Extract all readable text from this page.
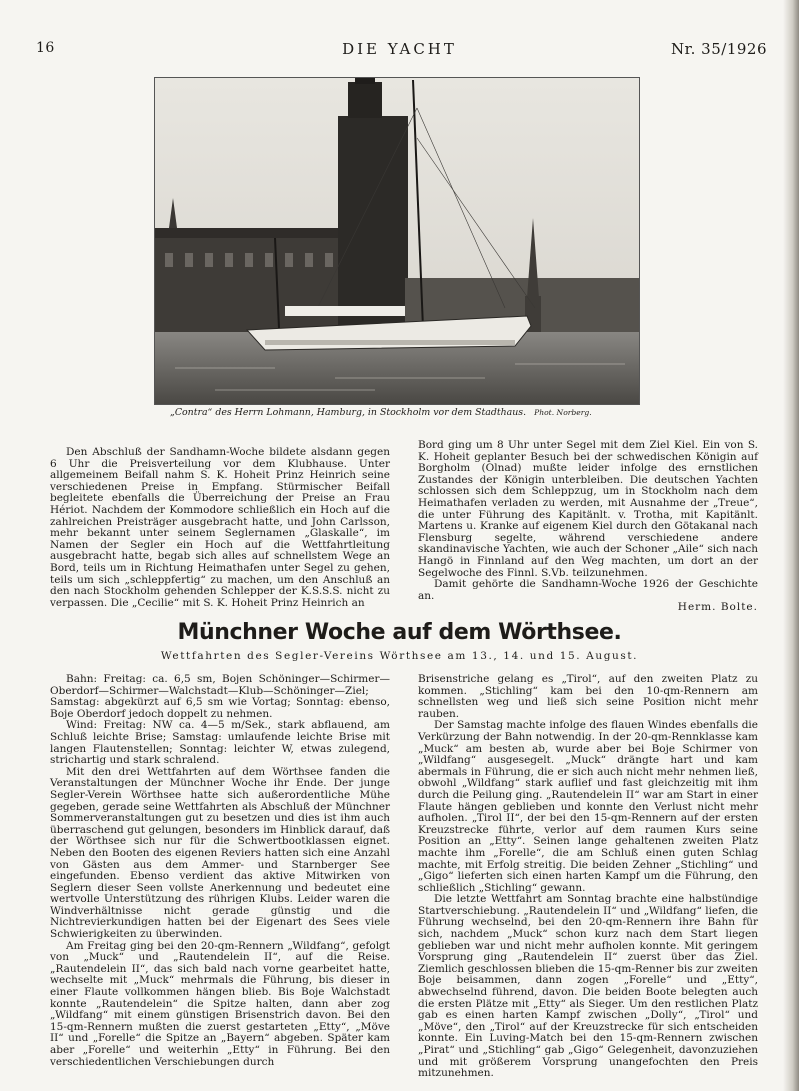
16	DIE YACHT	Nr. 35/1926
„Contra“ des Herrn Lohmann, Hamburg, in Stockholm vor dem Stadthaus. Phot. Norberg.

Den Abschluß der Sandhamn-Woche bildete alsdann gegen 6 Uhr die Preisverteilung vor dem Klubhause. Unter allgemeinem Beifall nahm S. K. Hoheit Prinz Heinrich seine verschiedenen Preise in Empfang. Stürmischer Beifall begleitete ebenfalls die Überreichung der Preise an Frau Hériot. Nachdem der Kommodore schließlich ein Hoch auf die zahlreichen Preisträger ausgebracht hatte, und John Carlsson, mehr bekannt unter seinem Seglernamen „Glaskalle“, im Namen der Segler ein Hoch auf die Wettfahrtleitung ausgebracht hatte, begab sich alles auf schnellstem Wege an Bord, teils um in Richtung Heimathafen unter Segel zu gehen, teils um sich „schleppfertig“ zu machen, um den Anschluß an den nach Stockholm gehenden Schlepper der K.S.S.S. nicht zu verpassen. Die „Cecilie“ mit S. K. Hoheit Prinz Heinrich an

Bord ging um 8 Uhr unter Segel mit dem Ziel Kiel. Ein von S. K. Hoheit geplanter Besuch bei der schwedischen Königin auf Borgholm (Olnad) mußte leider infolge des ernstlichen Zustandes der Königin unterbleiben. Die deutschen Yachten schlossen sich dem Schleppzug, um in Stockholm nach dem Heimathafen verladen zu werden, mit Ausnahme der „Treue“, die unter Führung des Kapitänlt. v. Trotha, mit Kapitänlt. Martens u. Kranke auf eigenem Kiel durch den Götakanal nach Flensburg segelte, während verschiedene andere skandinavische Yachten, wie auch der Schoner „Aile“ sich nach Hangö in Finnland auf den Weg machten, um dort an der Segelwoche des Finnl. S.Vb. teilzunehmen.

Damit gehörte die Sandhamn-Woche 1926 der Geschichte an.

Herm. Bolte.
Münchner Woche auf dem Wörthsee.
Wettfahrten des Segler-Vereins Wörthsee am 13., 14. und 15. August.

Bahn: Freitag: ca. 6,5 sm, Bojen Schöninger—Schirmer—Oberdorf—Schirmer—Walchstadt—Klub—Schöninger—Ziel; Samstag: abgekürzt auf 6,5 sm wie Vortag; Sonntag: ebenso, Boje Oberdorf jedoch doppelt zu nehmen.

Wind: Freitag: NW ca. 4—5 m/Sek., stark abflauend, am Schluß leichte Brise; Samstag: umlaufende leichte Brise mit langen Flautenstellen; Sonntag: leichter W, etwas zulegend, strichartig und stark schralend.

Mit den drei Wettfahrten auf dem Wörthsee fanden die Veranstaltungen der Münchner Woche ihr Ende. Der junge Segler-Verein Wörthsee hatte sich außerordentliche Mühe gegeben, gerade seine Wettfahrten als Abschluß der Münchner Sommerveranstaltungen gut zu besetzen und dies ist ihm auch überraschend gut gelungen, besonders im Hinblick darauf, daß der Wörthsee sich nur für die Schwertbootklassen eignet. Neben den Booten des eigenen Reviers hatten sich eine Anzahl von Gästen aus dem Ammer- und Starnberger See eingefunden. Ebenso verdient das aktive Mitwirken von Seglern dieser Seen vollste Anerkennung und bedeutet eine wertvolle Unterstützung des rührigen Klubs. Leider waren die Windverhältnisse nicht gerade günstig und die Nichtrevierkundigen hatten bei der Eigenart des Sees viele Schwierigkeiten zu überwinden.

Am Freitag ging bei den 20-qm-Rennern „Wildfang“, gefolgt von „Muck“ und „Rautendelein II“, auf die Reise. „Rautendelein II“, das sich bald nach vorne gearbeitet hatte, wechselte mit „Muck“ mehrmals die Führung, bis dieser in einer Flaute vollkommen hängen blieb. Bis Boje Walchstadt konnte „Rautendelein“ die Spitze halten, dann aber zog „Wildfang“ mit einem günstigen Brisenstrich davon. Bei den 15-qm-Rennern mußten die zuerst gestarteten „Etty“, „Möve II“ und „Forelle“ die Spitze an „Bayern“ abgeben. Später kam aber „Forelle“ und weiterhin „Etty“ in Führung. Bei den verschiedentlichen Verschiebungen durch

Brisenstriche gelang es „Tirol“, auf den zweiten Platz zu kommen. „Stichling“ kam bei den 10-qm-Rennern am schnellsten weg und ließ sich seine Position nicht mehr rauben.

Der Samstag machte infolge des flauen Windes ebenfalls die Verkürzung der Bahn notwendig. In der 20-qm-Rennklasse kam „Muck“ am besten ab, wurde aber bei Boje Schirmer von „Wildfang“ ausgesegelt. „Muck“ drängte hart und kam abermals in Führung, die er sich auch nicht mehr nehmen ließ, obwohl „Wildfang“ stark auflief und fast gleichzeitig mit ihm durch die Peilung ging. „Rautendelein II“ war am Start in einer Flaute hängen geblieben und konnte den Verlust nicht mehr aufholen. „Tirol II“, der bei den 15-qm-Rennern auf der ersten Kreuzstrecke führte, verlor auf dem raumen Kurs seine Position an „Etty“. Seinen lange gehaltenen zweiten Platz machte ihm „Forelle“, die am Schluß einen guten Schlag machte, mit Erfolg streitig. Die beiden Zehner „Stichling“ und „Gigo“ lieferten sich einen harten Kampf um die Führung, den schließlich „Stichling“ gewann.

Die letzte Wettfahrt am Sonntag brachte eine halbstündige Startverschiebung. „Rautendelein II“ und „Wildfang“ liefen, die Führung wechselnd, bei den 20-qm-Rennern ihre Bahn für sich, nachdem „Muck“ schon kurz nach dem Start liegen geblieben war und nicht mehr aufholen konnte. Mit geringem Vorsprung ging „Rautendelein II“ zuerst über das Ziel. Ziemlich geschlossen blieben die 15-qm-Renner bis zur zweiten Boje beisammen, dann zogen „Forelle“ und „Etty“, abwechselnd führend, davon. Die beiden Boote belegten auch die ersten Plätze mit „Etty“ als Sieger. Um den restlichen Platz gab es einen harten Kampf zwischen „Dolly“, „Tirol“ und „Möve“, den „Tirol“ auf der Kreuzstrecke für sich entscheiden konnte. Ein Luving-Match bei den 15-qm-Rennern zwischen „Pirat“ und „Stichling“ gab „Gigo“ Gelegenheit, davonzuziehen und mit größerem Vorsprung unangefochten den Preis mitzunehmen.
